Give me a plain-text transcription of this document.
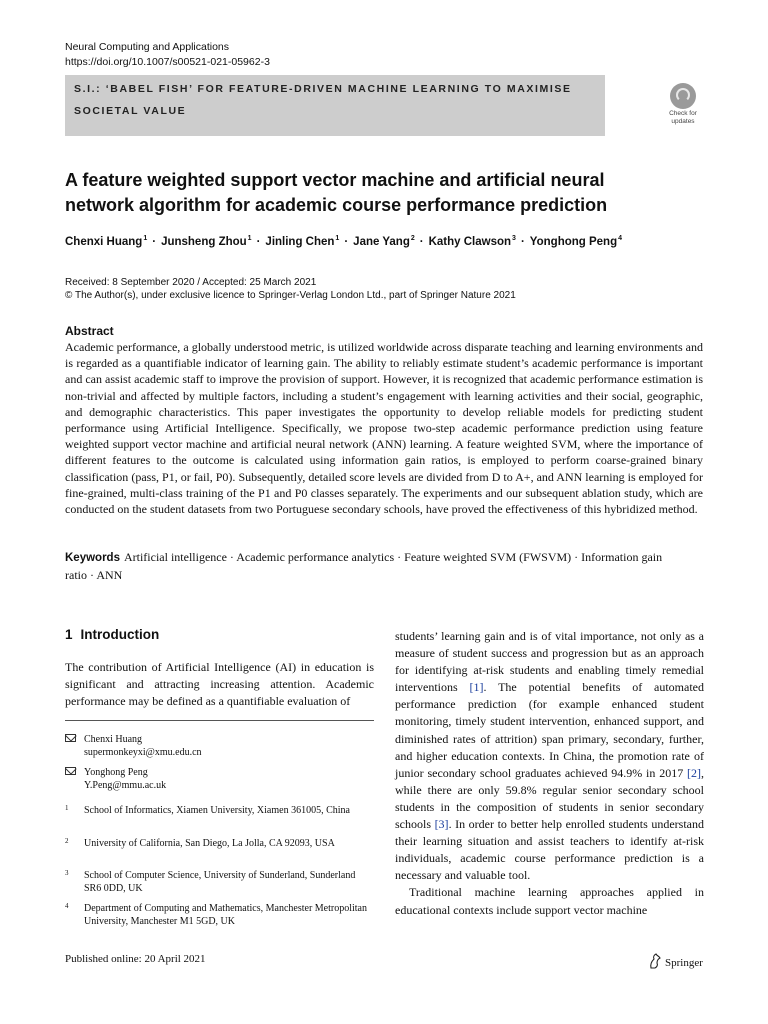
Neural Computing and Applications
https://doi.org/10.1007/s00521-021-05962-3
S.I.: ‘BABEL FISH’ FOR FEATURE-DRIVEN MACHINE LEARNING TO MAXIMISE
SOCIETAL VALUE	Check for
updates
A feature weighted support vector machine and artificial neural network algorithm for academic course performance prediction
Chenxi Huang$^1$ · Junsheng Zhou$^1$ · Jinling Chen$^1$ · Jane Yang$^2$ · Kathy Clawson$^3$ · Yonghong Peng$^4$
Received: 8 September 2020 / Accepted: 25 March 2021
© The Author(s), under exclusive licence to Springer-Verlag London Ltd., part of Springer Nature 2021
Abstract
Academic performance, a globally understood metric, is utilized worldwide across disparate teaching and learning environments and is regarded as a quantifiable indicator of learning gain. The ability to reliably estimate student’s academic performance is important and can assist academic staff to improve the provision of support. However, it is recognized that academic performance estimation is non-trivial and affected by multiple factors, including a student’s engagement with learning activities and their social, geographic, and demographic characteristics. This paper investigates the opportunity to develop reliable models for predicting student performance using Artificial Intelligence. Specifically, we propose two-step academic performance prediction using feature weighted support vector machine and artificial neural network (ANN) learning. A feature weighted SVM, where the importance of different features to the outcome is calculated using information gain ratios, is employed to perform coarse-grained binary classification (pass, P1, or fail, P0). Subsequently, detailed score levels are divided from D to A+, and ANN learning is employed for fine-grained, multi-class training of the P1 and P0 classes separately. The experiments and our subsequent ablation study, which are conducted on the student datasets from two Portuguese secondary schools, have proved the effectiveness of this hybridized method.
Keywords Artificial intelligence · Academic performance analytics · Feature weighted SVM (FWSVM) · Information gain ratio · ANN
1 Introduction
The contribution of Artificial Intelligence (AI) in education is significant and attracting increasing attention. Academic performance may be defined as a quantifiable evaluation of
Chenxi Huang
supermonkeyxi@xmu.edu.cn
Yonghong Peng
Y.Peng@mmu.ac.uk
1 School of Informatics, Xiamen University, Xiamen 361005, China
2 University of California, San Diego, La Jolla, CA 92093, USA
3 School of Computer Science, University of Sunderland, Sunderland SR6 0DD, UK
4 Department of Computing and Mathematics, Manchester Metropolitan University, Manchester M1 5GD, UK

students’ learning gain and is of vital importance, not only as a measure of student success and progression but as an approach for identifying at-risk students and enabling timely remedial interventions [1]. The potential benefits of automated performance prediction (for example enhanced student monitoring, timely student intervention, enhanced support, and diminished rates of attrition) span primary, secondary, further, and higher education contexts. In China, the promotion rate of junior secondary school graduates achieved 94.9% in 2017 [2], while there are only 59.8% regular senior secondary school students in the composition of students in senior secondary schools [3]. In order to better help enrolled students understand their learning situation and assist teachers to identify at-risk individuals, academic course performance prediction is a necessary and valuable tool.

Traditional machine learning approaches applied in educational contexts include support vector machine

Published online: 20 April 2021	Springer
